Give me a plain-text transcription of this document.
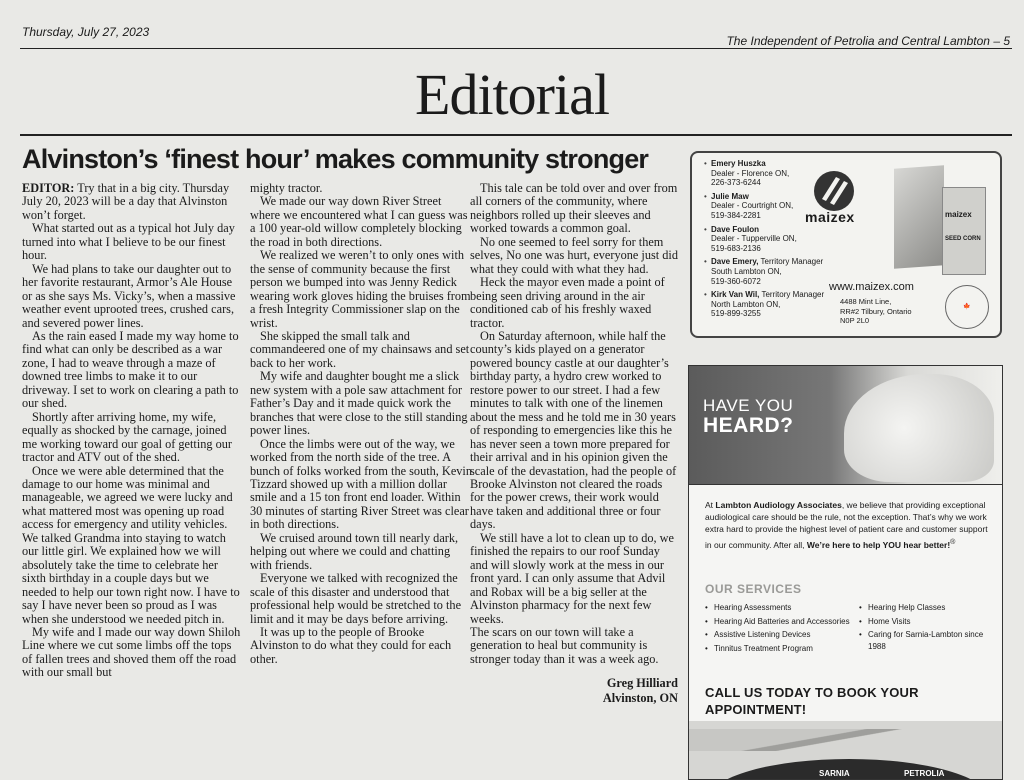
Thursday, July 27, 2023
The Independent of Petrolia and Central Lambton – 5
Editorial
Alvinston’s ‘finest hour’ makes community stronger

EDITOR: Try that in a big city. Thursday July 20, 2023 will be a day that Alvinston won’t forget.

What started out as a typical hot July day turned into what I believe to be our finest hour.

We had plans to take our daughter out to her favorite restaurant, Armor’s Ale House or as she says Ms. Vicky’s, when a massive weather event uprooted trees, crushed cars, and severed power lines.

As the rain eased I made my way home to find what can only be described as a war zone, I had to weave through a maze of downed tree limbs to make it to our driveway. I set to work on clearing a path to our shed.

Shortly after arriving home, my wife, equally as shocked by the carnage, joined me working toward our goal of getting our tractor and ATV out of the shed.

Once we were able determined that the damage to our home was minimal and manageable, we agreed we were lucky and what mattered most was opening up road access for emergency and utility vehicles. We talked Grandma into staying to watch our little girl. We explained how we will absolutely take the time to celebrate her sixth birthday in a couple days but we needed to help our town right now. I have to say I have never been so proud as I was when she understood we needed pitch in.

My wife and I made our way down Shiloh Line where we cut some limbs off the tops of fallen trees and shoved them off the road with our small but

mighty tractor.

We made our way down River Street where we encountered what I can guess was a 100 year-old willow completely blocking the road in both directions.

We realized we weren’t to only ones with the sense of community because the first person we bumped into was Jenny Redick wearing work gloves hiding the bruises from a fresh Integrity Commissioner slap on the wrist.

She skipped the small talk and commandeered one of my chainsaws and set back to her work.

My wife and daughter bought me a slick new system with a pole saw attachment for Father’s Day and it made quick work the branches that were close to the still standing power lines.

Once the limbs were out of the way, we worked from the north side of the tree. A bunch of folks worked from the south, Kevin Tizzard showed up with a million dollar smile and a 15 ton front end loader. Within 30 minutes of starting River Street was clear in both directions.

We cruised around town till nearly dark, helping out where we could and chatting with friends.

Everyone we talked with recognized the scale of this disaster and understood that professional help would be stretched to the limit and it may be days before arriving.

It was up to the people of Brooke Alvinston to do what they could for each other.

This tale can be told over and over from all corners of the community, where neighbors rolled up their sleeves and worked towards a common goal.

No one seemed to feel sorry for them selves, No one was hurt, everyone just did what they could with what they had.

Heck the mayor even made a point of being seen driving around in the air conditioned cab of his freshly waxed tractor.

On Saturday afternoon, while half the county’s kids played on a generator powered bouncy castle at our daughter’s birthday party, a hydro crew worked to restore power to our street. I had a few minutes to talk with one of the linemen about the mess and he told me in 30 years of responding to emergencies like this he has never seen a town more prepared for their arrival and in his opinion given the scale of the devastation, had the people of Brooke Alvinston not cleared the roads for the power crews, their work would have taken and additional three or four days.

We still have a lot to clean up to do, we finished the repairs to our roof Sunday and will slowly work at the mess in our front yard. I can only assume that Advil and Robax will be a big seller at the Alvinston pharmacy for the next few weeks.

The scars on our town will take a generation to heal but community is stronger today than it was a week ago.

Greg Hilliard
Alvinston, ON
• Emery Huszka
Dealer - Florence ON,
226-373-6244
• Julie Maw
Dealer - Courtright ON,
519-384-2281
• Dave Foulon
Dealer - Tupperville ON,
519-683-2136
• Dave Emery, Territory Manager
South Lambton ON,
519-360-6072
• Kirk Van Wil, Territory Manager
North Lambton ON,
519-899-3255
maizex	maizex
SEED CORN
www.maizex.com
4488 Mint Line,
RR#2 Tilbury, Ontario
N0P 2L0
🍁
HAVE YOU
HEARD?
At Lambton Audiology Associates, we believe that providing exceptional audiological care should be the rule, not the exception. That’s why we work extra hard to provide the highest level of patient care and customer support in our community. After all, We’re here to help YOU hear better!®
OUR SERVICES
• Hearing Assessments
• Hearing Aid Batteries and Accessories
• Assistive Listening Devices
• Tinnitus Treatment Program
• Hearing Help Classes
• Home Visits
• Caring for Sarnia-Lambton since 1988
CALL US TODAY TO BOOK YOUR APPOINTMENT!
SARNIA	PETROLIA
